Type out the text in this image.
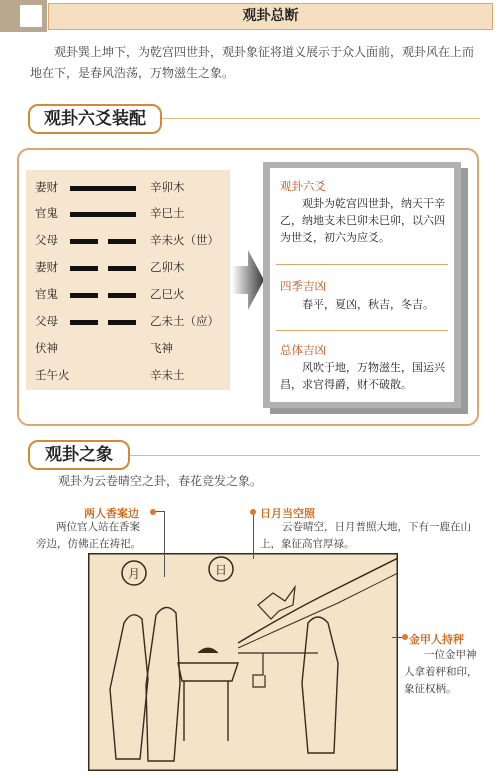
观卦总断
观卦巽上坤下，为乾宫四世卦，观卦象征将道义展示于众人面前，观卦风在上而地在下，是春风浩荡，万物滋生之象。
观卦六爻装配
妻财	辛卯木
官鬼	辛巳土
父母	辛未火（世）
妻财	乙卯木
官鬼	乙巳火
父母	乙未土（应）
伏神	飞神
壬午火	辛未土
观卦六爻
观卦为乾宫四世卦，纳天干辛乙，纳地支未巳卯未巳卯，以六四为世爻，初六为应爻。
四季吉凶
春平，夏凶，秋吉，冬吉。
总体吉凶
风吹于地，万物滋生，国运兴昌，求官得爵，财不破散。
观卦之象
观卦为云卷晴空之卦，春花竞发之象。
月	日
两人香案边
两位官人站在香案旁边，仿佛正在祷祀。
日月当空照
云卷晴空，日月普照大地，下有一鹿在山上，象征高官厚禄。
金甲人持秤
一位金甲神人拿着秤和印，象征权柄。
